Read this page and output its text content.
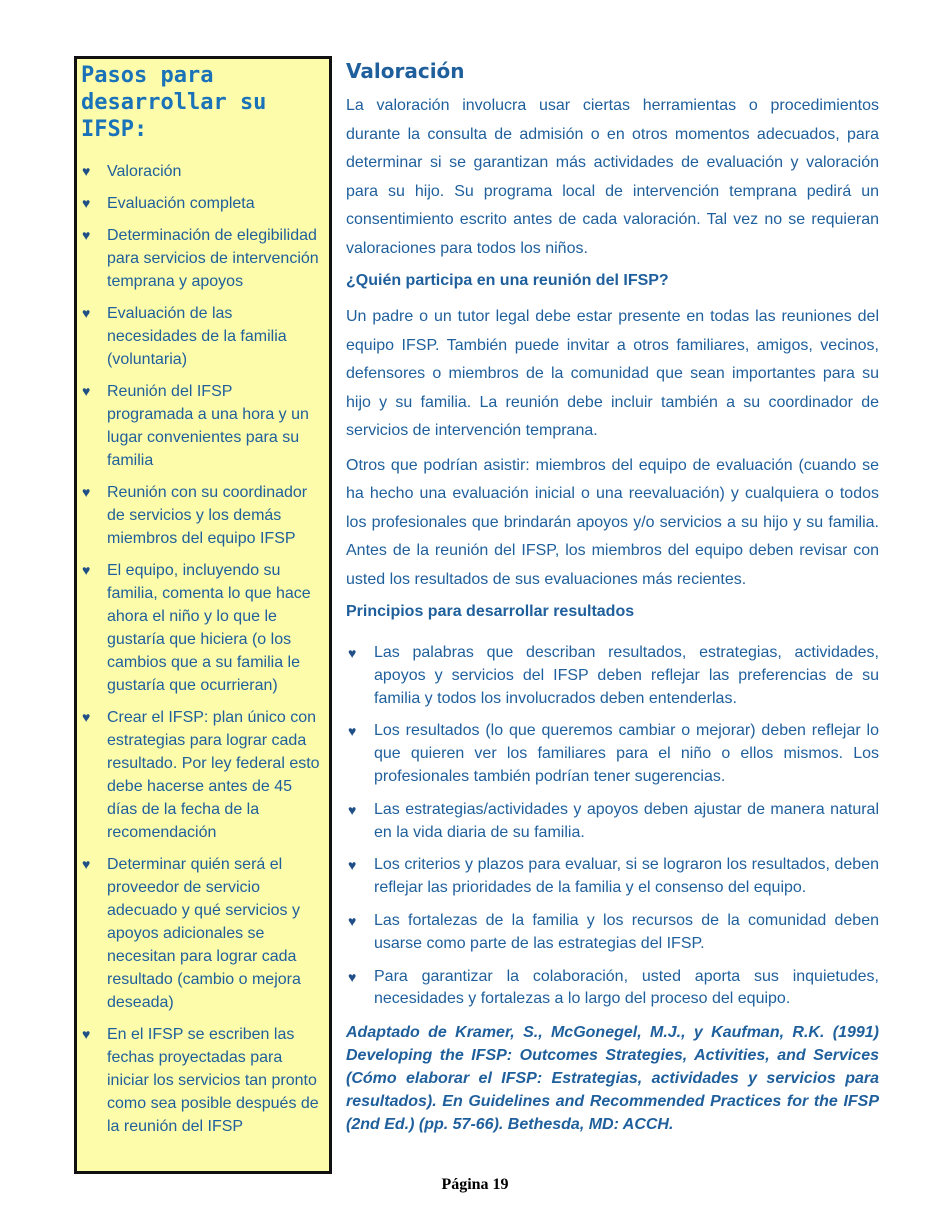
Pasos para desarrollar su IFSP:
♥ Valoración
♥ Evaluación completa
♥ Determinación de elegibilidad para servicios de intervención temprana y apoyos
♥ Evaluación de las necesidades de la familia (voluntaria)
♥ Reunión del IFSP programada a una hora y un lugar convenientes para su familia
♥ Reunión con su coordinador de servicios y los demás miembros del equipo IFSP
♥ El equipo, incluyendo su familia, comenta lo que hace ahora el niño y lo que le gustaría que hiciera (o los cambios que a su familia le gustaría que ocurrieran)
♥ Crear el IFSP: plan único con estrategias para lograr cada resultado. Por ley federal esto debe hacerse antes de 45 días de la fecha de la recomendación
♥ Determinar quién será el proveedor de servicio adecuado y qué servicios y apoyos adicionales se necesitan para lograr cada resultado (cambio o mejora deseada)
♥ En el IFSP se escriben las fechas proyectadas para iniciar los servicios tan pronto como sea posible después de la reunión del IFSP
Valoración

La valoración involucra usar ciertas herramientas o procedimientos durante la consulta de admisión o en otros momentos adecuados, para determinar si se garantizan más actividades de evaluación y valoración para su hijo. Su programa local de intervención temprana pedirá un consentimiento escrito antes de cada valoración. Tal vez no se requieran valoraciones para todos los niños.

¿Quién participa en una reunión del IFSP?

Un padre o un tutor legal debe estar presente en todas las reuniones del equipo IFSP. También puede invitar a otros familiares, amigos, vecinos, defensores o miembros de la comunidad que sean importantes para su hijo y su familia. La reunión debe incluir también a su coordinador de servicios de intervención temprana.

Otros que podrían asistir: miembros del equipo de evaluación (cuando se ha hecho una evaluación inicial o una reevaluación) y cualquiera o todos los profesionales que brindarán apoyos y/o servicios a su hijo y su familia. Antes de la reunión del IFSP, los miembros del equipo deben revisar con usted los resultados de sus evaluaciones más recientes.

Principios para desarrollar resultados
♥ Las palabras que describan resultados, estrategias, actividades, apoyos y servicios del IFSP deben reflejar las preferencias de su familia y todos los involucrados deben entenderlas.
♥ Los resultados (lo que queremos cambiar o mejorar) deben reflejar lo que quieren ver los familiares para el niño o ellos mismos. Los profesionales también podrían tener sugerencias.
♥ Las estrategias/actividades y apoyos deben ajustar de manera natural en la vida diaria de su familia.
♥ Los criterios y plazos para evaluar, si se lograron los resultados, deben reflejar las prioridades de la familia y el consenso del equipo.
♥ Las fortalezas de la familia y los recursos de la comunidad deben usarse como parte de las estrategias del IFSP.
♥ Para garantizar la colaboración, usted aporta sus inquietudes, necesidades y fortalezas a lo largo del proceso del equipo.

Adaptado de Kramer, S., McGonegel, M.J., y Kaufman, R.K. (1991) Developing the IFSP: Outcomes Strategies, Activities, and Services (Cómo elaborar el IFSP: Estrategias, actividades y servicios para resultados). En Guidelines and Recommended Practices for the IFSP (2nd Ed.) (pp. 57-66). Bethesda, MD: ACCH.

Página 19
